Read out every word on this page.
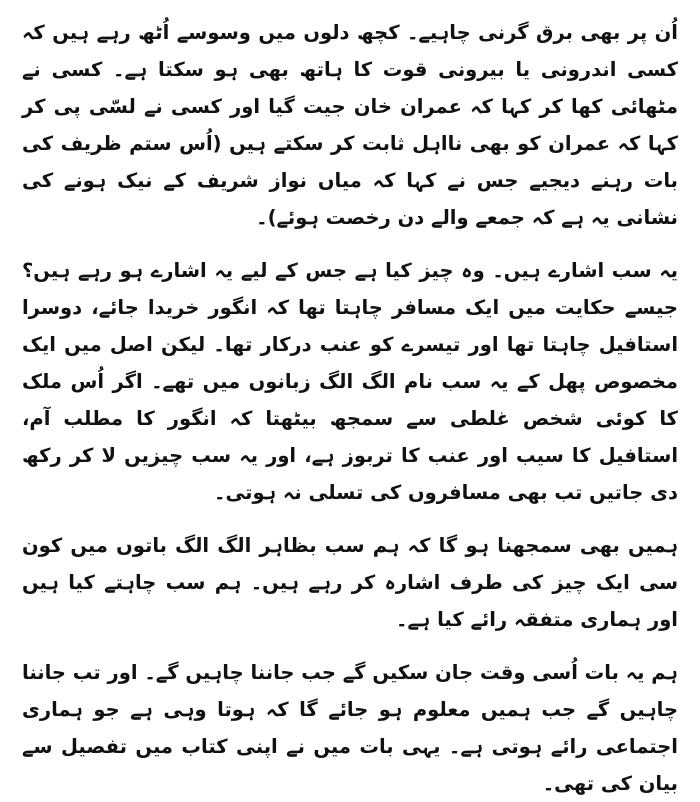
اُن پر بھی برق گرنی چاہیے۔ کچھ دلوں میں وسوسے اُٹھ رہے ہیں کہ کسی اندرونی یا بیرونی قوت کا ہاتھ بھی ہو سکتا ہے۔ کسی نے مٹھائی کھا کر کہا کہ عمران خان جیت گیا اور کسی نے لسّی پی کر کہا کہ عمران کو بھی نااہل ثابت کر سکتے ہیں (اُس ستم ظریف کی بات رہنے دیجیے جس نے کہا کہ میاں نواز شریف کے نیک ہونے کی نشانی یہ ہے کہ جمعے والے دن رخصت ہوئے)۔

یہ سب اشارے ہیں۔ وہ چیز کیا ہے جس کے لیے یہ اشارے ہو رہے ہیں؟ جیسے حکایت میں ایک مسافر چاہتا تھا کہ انگور خریدا جائے، دوسرا استافیل چاہتا تھا اور تیسرے کو عنب درکار تھا۔ لیکن اصل میں ایک مخصوص پھل کے یہ سب نام الگ الگ زبانوں میں تھے۔ اگر اُس ملک کا کوئی شخص غلطی سے سمجھ بیٹھتا کہ انگور کا مطلب آم، استافیل کا سیب اور عنب کا تربوز ہے، اور یہ سب چیزیں لا کر رکھ دی جاتیں تب بھی مسافروں کی تسلی نہ ہوتی۔

ہمیں بھی سمجھنا ہو گا کہ ہم سب بظاہر الگ الگ باتوں میں کون سی ایک چیز کی طرف اشارہ کر رہے ہیں۔ ہم سب چاہتے کیا ہیں اور ہماری متفقہ رائے کیا ہے۔

ہم یہ بات اُسی وقت جان سکیں گے جب جاننا چاہیں گے۔ اور تب جاننا چاہیں گے جب ہمیں معلوم ہو جائے گا کہ ہوتا وہی ہے جو ہماری اجتماعی رائے ہوتی ہے۔ یہی بات میں نے اپنی کتاب میں تفصیل سے بیان کی تھی۔
